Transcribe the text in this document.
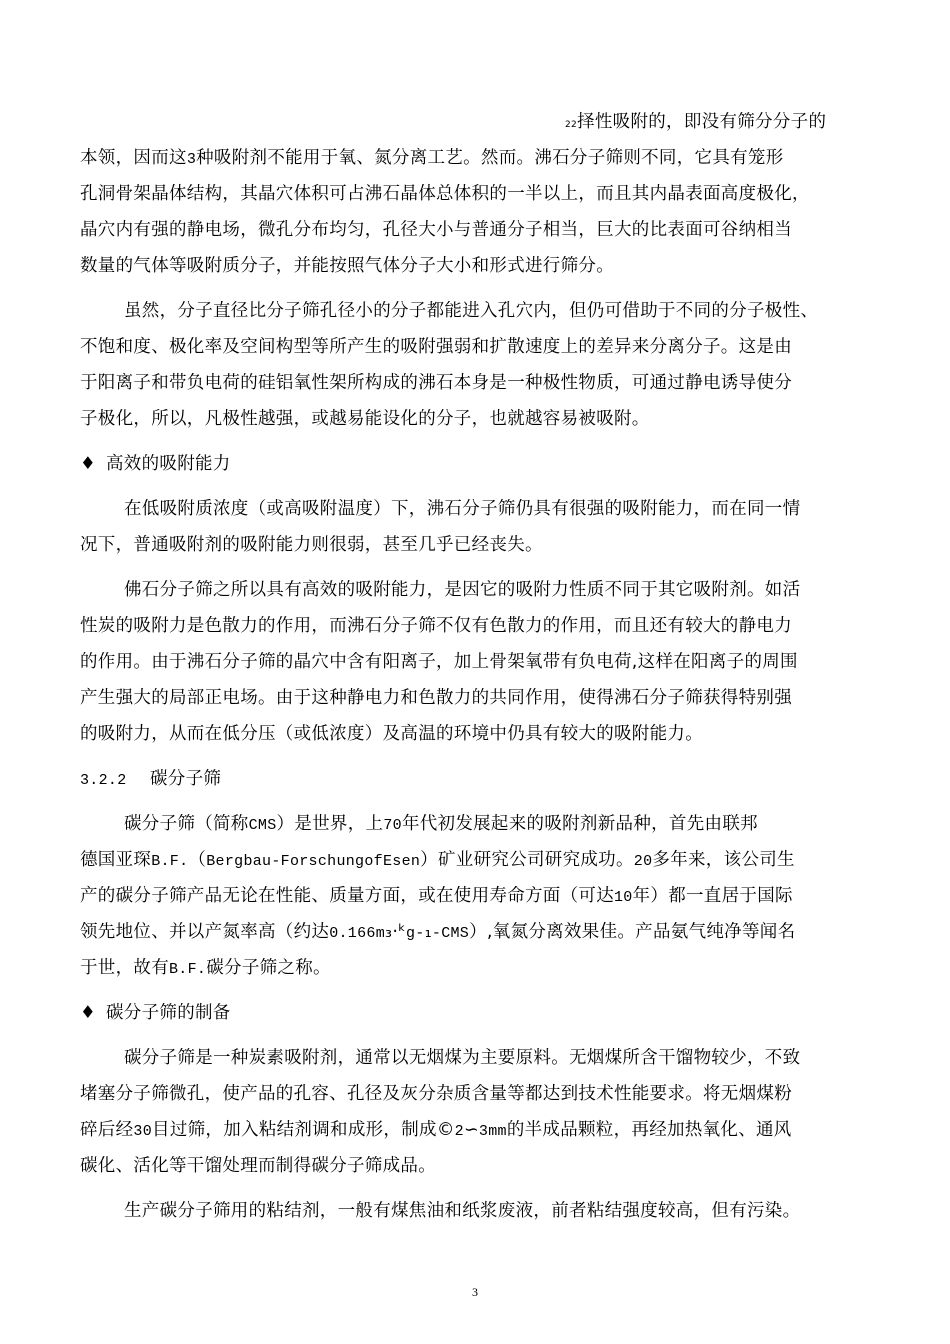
22择性吸附的，即没有筛分分子的
本领，因而这3种吸附剂不能用于氧、氮分离工艺。然而。沸石分子筛则不同，它具有笼形
孔洞骨架晶体结构，其晶穴体积可占沸石晶体总体积的一半以上，而且其内晶表面高度极化，
晶穴内有强的静电场，微孔分布均匀，孔径大小与普通分子相当，巨大的比表面可谷纳相当
数量的气体等吸附质分子，并能按照气体分子大小和形式进行筛分。
虽然，分子直径比分子筛孔径小的分子都能进入孔穴内，但仍可借助于不同的分子极性、
不饱和度、极化率及空间构型等所产生的吸附强弱和扩散速度上的差异来分离分子。这是由
于阳离子和带负电荷的硅铝氧性架所构成的沸石本身是一种极性物质，可通过静电诱导使分
子极化，所以，凡极性越强，或越易能设化的分子，也就越容易被吸附。
♦ 高效的吸附能力
在低吸附质浓度（或高吸附温度）下，沸石分子筛仍具有很强的吸附能力，而在同一情
况下，普通吸附剂的吸附能力则很弱，甚至几乎已经丧失。
佛石分子筛之所以具有高效的吸附能力，是因它的吸附力性质不同于其它吸附剂。如活
性炭的吸附力是色散力的作用，而沸石分子筛不仅有色散力的作用，而且还有较大的静电力
的作用。由于沸石分子筛的晶穴中含有阳离子，加上骨架氧带有负电荷,这样在阳离子的周围
产生强大的局部正电场。由于这种静电力和色散力的共同作用，使得沸石分子筛获得特别强
的吸附力，从而在低分压（或低浓度）及高温的环境中仍具有较大的吸附能力。
3.2.2 碳分子筛
碳分子筛（简称CMS）是世界，上70年代初发展起来的吸附剂新品种，首先由联邦
德国亚琛B.F.（Bergbau-ForschungofEsen）矿业研究公司研究成功。20多年来，该公司生
产的碳分子筛产品无论在性能、质量方面，或在使用寿命方面（可达10年）都一直居于国际
领先地位、并以产氮率高（约达0.166m₃·ᵏg-₁-CMS）,氧氮分离效果佳。产品氨气纯净等闻名
于世，故有B.F.碳分子筛之称。
♦ 碳分子筛的制备
碳分子筛是一种炭素吸附剂，通常以无烟煤为主要原料。无烟煤所含干馏物较少，不致
堵塞分子筛微孔，使产品的孔容、孔径及灰分杂质含量等都达到技术性能要求。将无烟煤粉
碎后经30目过筛，加入粘结剂调和成形，制成©2∽3mm的半成品颗粒，再经加热氧化、通风
碳化、活化等干馏处理而制得碳分子筛成品。
生产碳分子筛用的粘结剂，一般有煤焦油和纸浆废液，前者粘结强度较高，但有污染。
3
